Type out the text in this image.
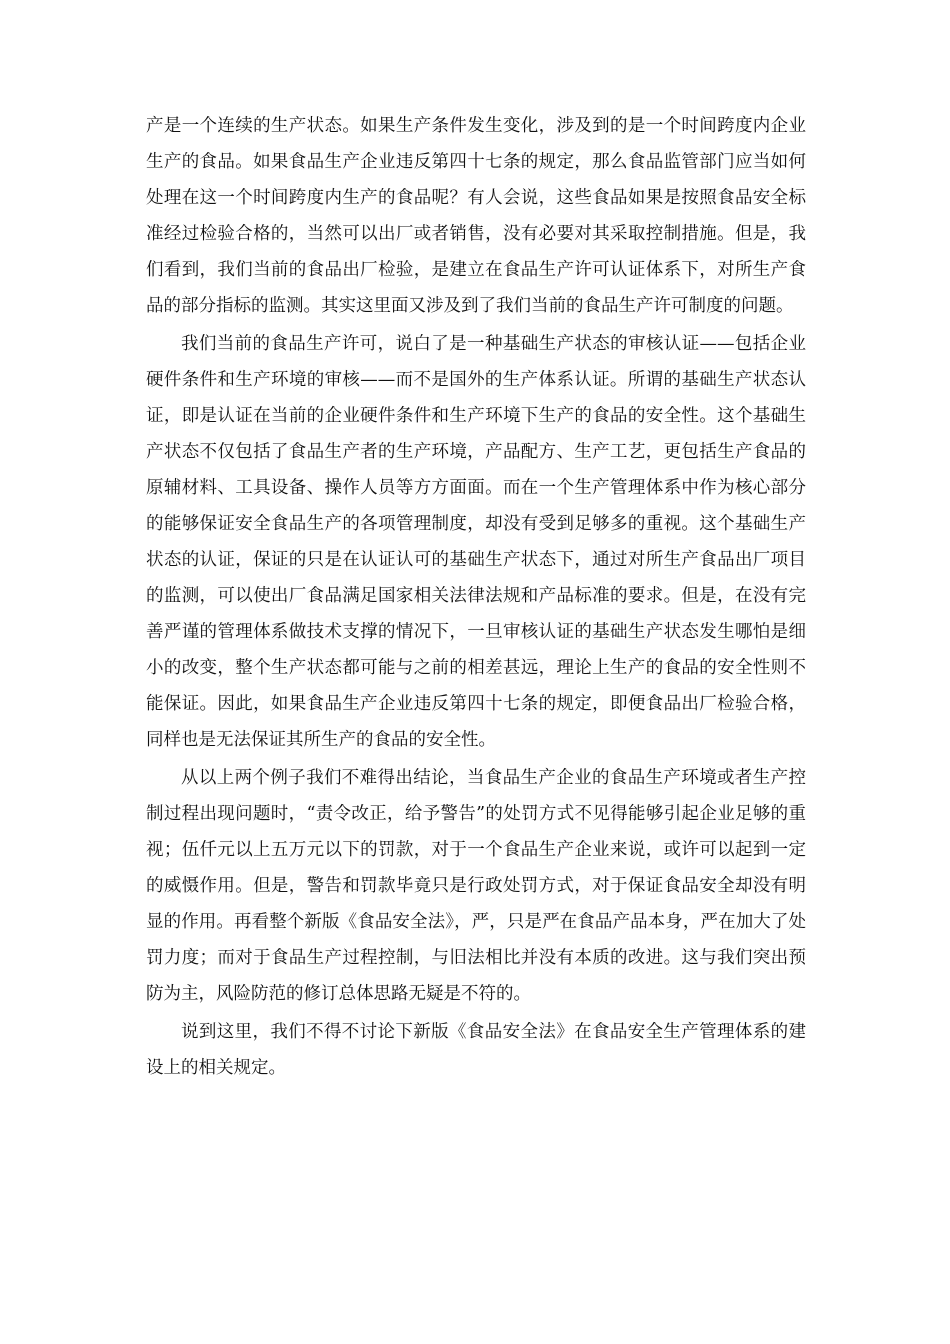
产是一个连续的生产状态。如果生产条件发生变化，涉及到的是一个时间跨度内企业生产的食品。如果食品生产企业违反第四十七条的规定，那么食品监管部门应当如何处理在这一个时间跨度内生产的食品呢？有人会说，这些食品如果是按照食品安全标准经过检验合格的，当然可以出厂或者销售，没有必要对其采取控制措施。但是，我们看到，我们当前的食品出厂检验，是建立在食品生产许可认证体系下，对所生产食品的部分指标的监测。其实这里面又涉及到了我们当前的食品生产许可制度的问题。

我们当前的食品生产许可，说白了是一种基础生产状态的审核认证——包括企业硬件条件和生产环境的审核——而不是国外的生产体系认证。所谓的基础生产状态认证，即是认证在当前的企业硬件条件和生产环境下生产的食品的安全性。这个基础生产状态不仅包括了食品生产者的生产环境，产品配方、生产工艺，更包括生产食品的原辅材料、工具设备、操作人员等方方面面。而在一个生产管理体系中作为核心部分的能够保证安全食品生产的各项管理制度，却没有受到足够多的重视。这个基础生产状态的认证，保证的只是在认证认可的基础生产状态下，通过对所生产食品出厂项目的监测，可以使出厂食品满足国家相关法律法规和产品标准的要求。但是，在没有完善严谨的管理体系做技术支撑的情况下，一旦审核认证的基础生产状态发生哪怕是细小的改变，整个生产状态都可能与之前的相差甚远，理论上生产的食品的安全性则不能保证。因此，如果食品生产企业违反第四十七条的规定，即便食品出厂检验合格，同样也是无法保证其所生产的食品的安全性。

从以上两个例子我们不难得出结论，当食品生产企业的食品生产环境或者生产控制过程出现问题时，“责令改正，给予警告”的处罚方式不见得能够引起企业足够的重视；伍仟元以上五万元以下的罚款，对于一个食品生产企业来说，或许可以起到一定的威慑作用。但是，警告和罚款毕竟只是行政处罚方式，对于保证食品安全却没有明显的作用。再看整个新版《食品安全法》，严，只是严在食品产品本身，严在加大了处罚力度；而对于食品生产过程控制，与旧法相比并没有本质的改进。这与我们突出预防为主，风险防范的修订总体思路无疑是不符的。

说到这里，我们不得不讨论下新版《食品安全法》在食品安全生产管理体系的建设上的相关规定。
